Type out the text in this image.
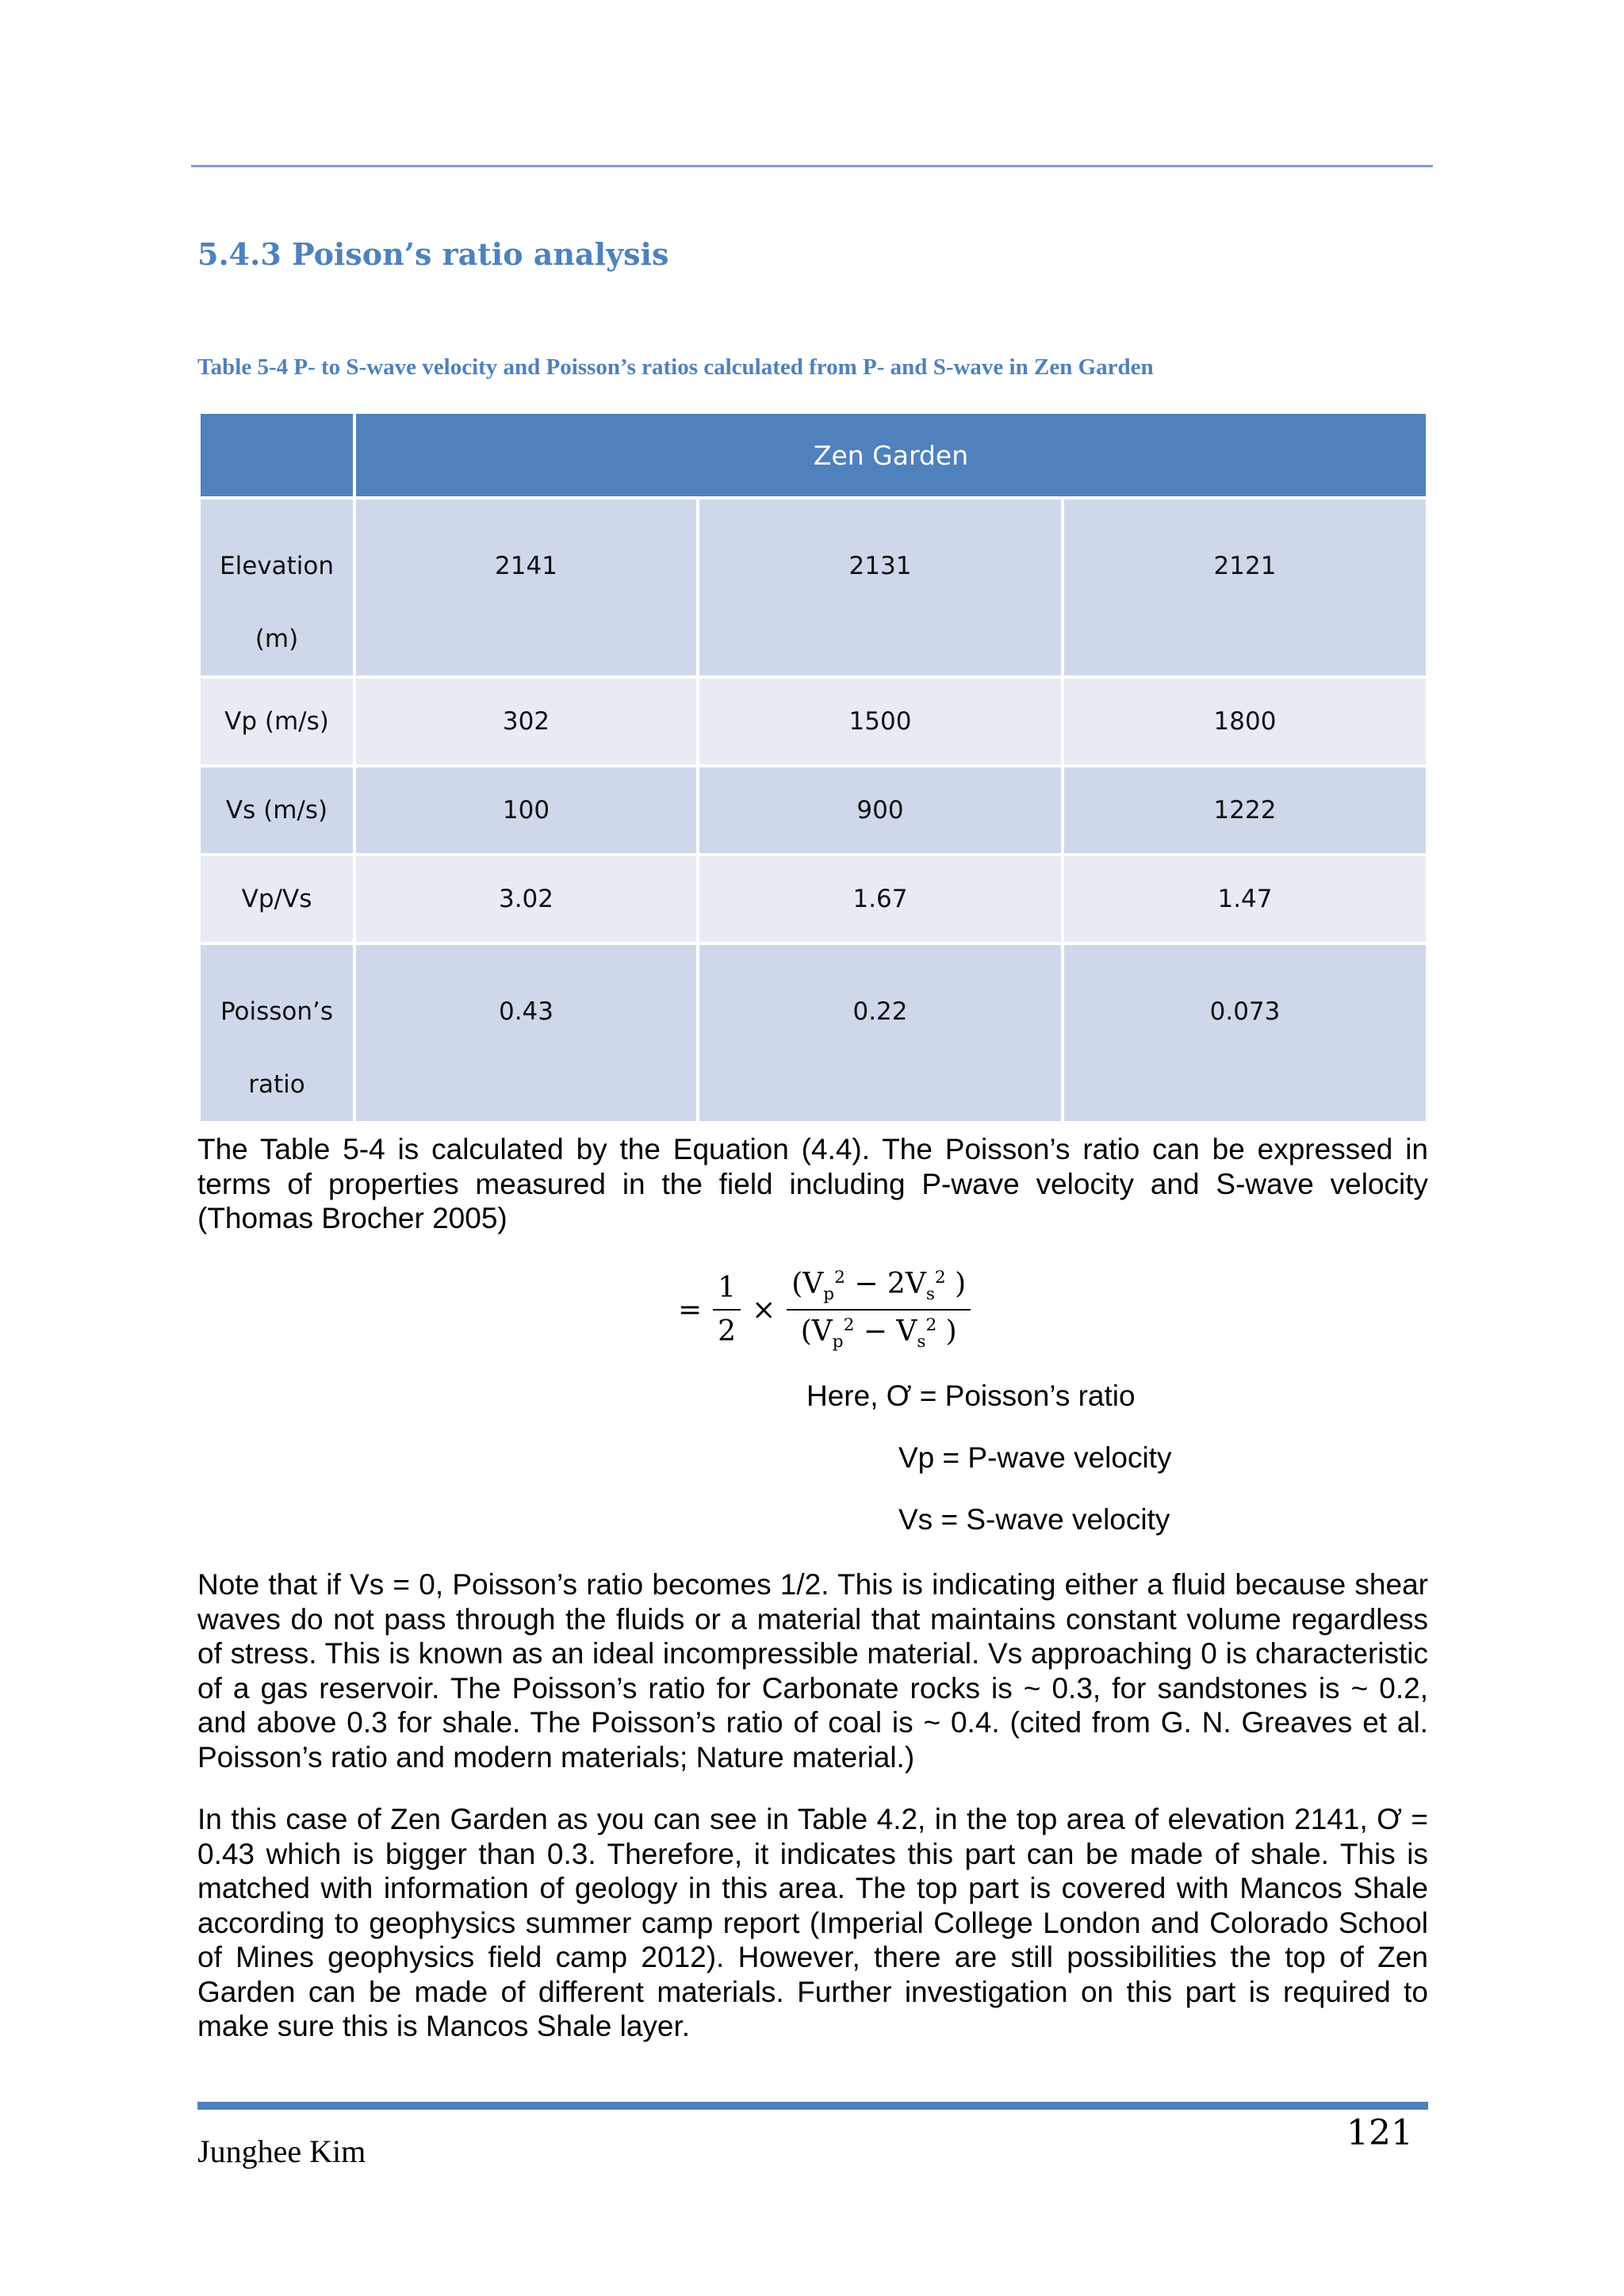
5.4.3 Poison’s ratio analysis
Table 5-4 P- to S-wave velocity and Poisson’s ratios calculated from P- and S-wave in Zen Garden
	Zen Garden		

Elevation
(m)	2141	2131	2121

Vp (m/s)	302	1500	1800
Vs (m/s)	100	900	1222
Vp/Vs	3.02	1.67	1.47

Poisson’s
ratio	0.43	0.22	0.073

The Table 5-4 is calculated by the Equation (4.4). The Poisson’s ratio can be expressed in terms of properties measured in the field including P-wave velocity and S-wave velocity (Thomas Brocher 2005)

= $\frac{1}{2} \times \frac{(V_p^2 - 2V_s^2 )}{(V_p^2 - V_s^2 )}$
Here, Ơ = Poisson’s ratio
Vp = P-wave velocity
Vs = S-wave velocity

Note that if Vs = 0, Poisson’s ratio becomes 1/2. This is indicating either a fluid because shear waves do not pass through the fluids or a material that maintains constant volume regardless of stress. This is known as an ideal incompressible material. Vs approaching 0 is characteristic of a gas reservoir. The Poisson’s ratio for Carbonate rocks is ~ 0.3, for sandstones is ~ 0.2, and above 0.3 for shale. The Poisson’s ratio of coal is ~ 0.4. (cited from G. N. Greaves et al. Poisson’s ratio and modern materials; Nature material.)

In this case of Zen Garden as you can see in Table 4.2, in the top area of elevation 2141, Ơ = 0.43 which is bigger than 0.3. Therefore, it indicates this part can be made of shale. This is matched with information of geology in this area. The top part is covered with Mancos Shale according to geophysics summer camp report (Imperial College London and Colorado School of Mines geophysics field camp 2012). However, there are still possibilities the top of Zen Garden can be made of different materials. Further investigation on this part is required to make sure this is Mancos Shale layer.

Junghee Kim	121
